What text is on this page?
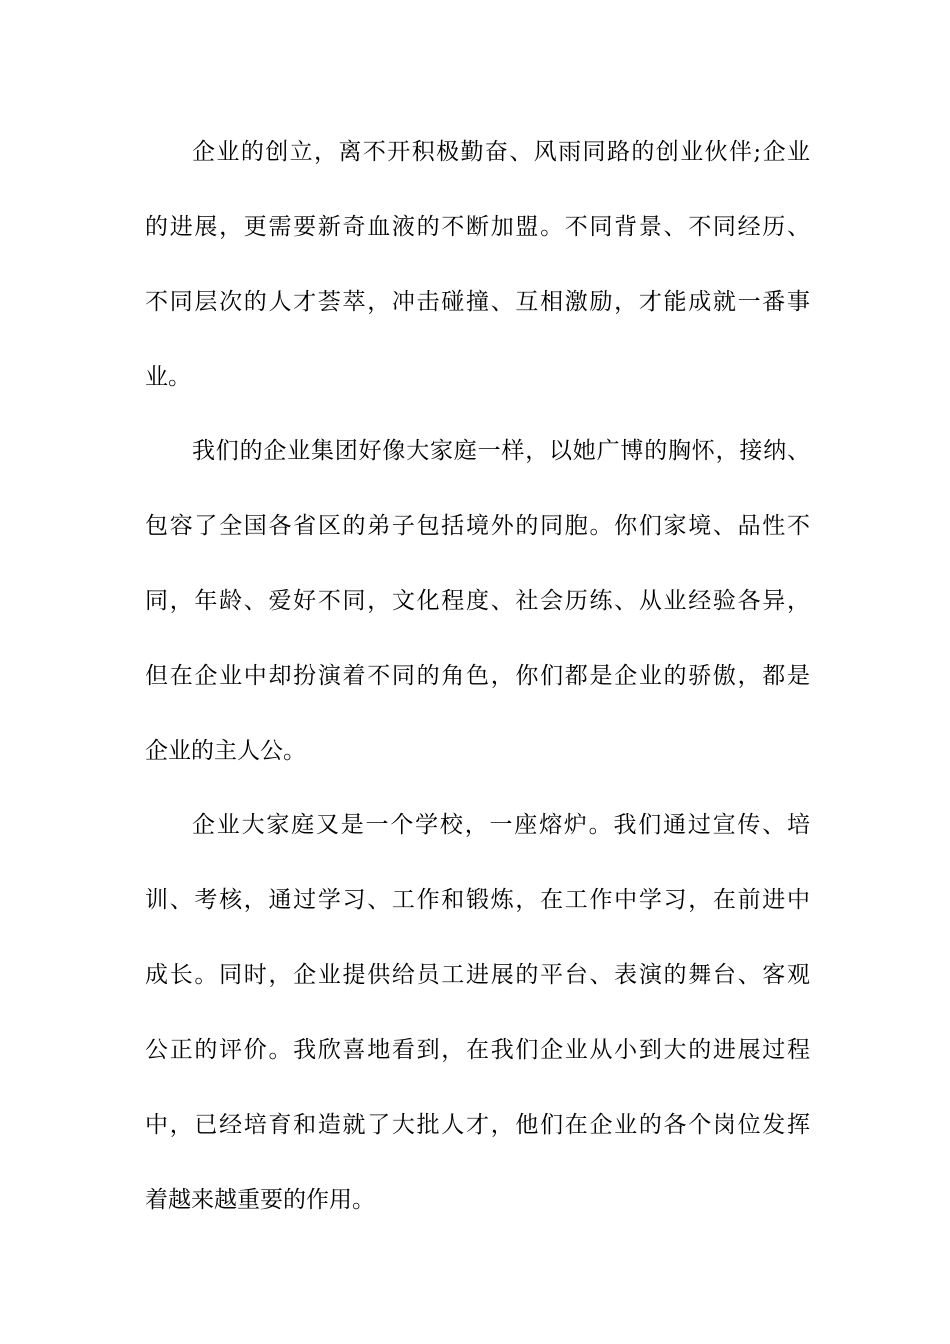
企业的创立，离不开积极勤奋、风雨同路的创业伙伴;企业
的进展，更需要新奇血液的不断加盟。不同背景、不同经历、
不同层次的人才荟萃，冲击碰撞、互相激励，才能成就一番事
业。
我们的企业集团好像大家庭一样，以她广博的胸怀，接纳、
包容了全国各省区的弟子包括境外的同胞。你们家境、品性不
同，年龄、爱好不同，文化程度、社会历练、从业经验各异，
但在企业中却扮演着不同的角色，你们都是企业的骄傲，都是
企业的主人公。
企业大家庭又是一个学校，一座熔炉。我们通过宣传、培
训、考核，通过学习、工作和锻炼，在工作中学习，在前进中
成长。同时，企业提供给员工进展的平台、表演的舞台、客观
公正的评价。我欣喜地看到，在我们企业从小到大的进展过程
中，已经培育和造就了大批人才，他们在企业的各个岗位发挥
着越来越重要的作用。
